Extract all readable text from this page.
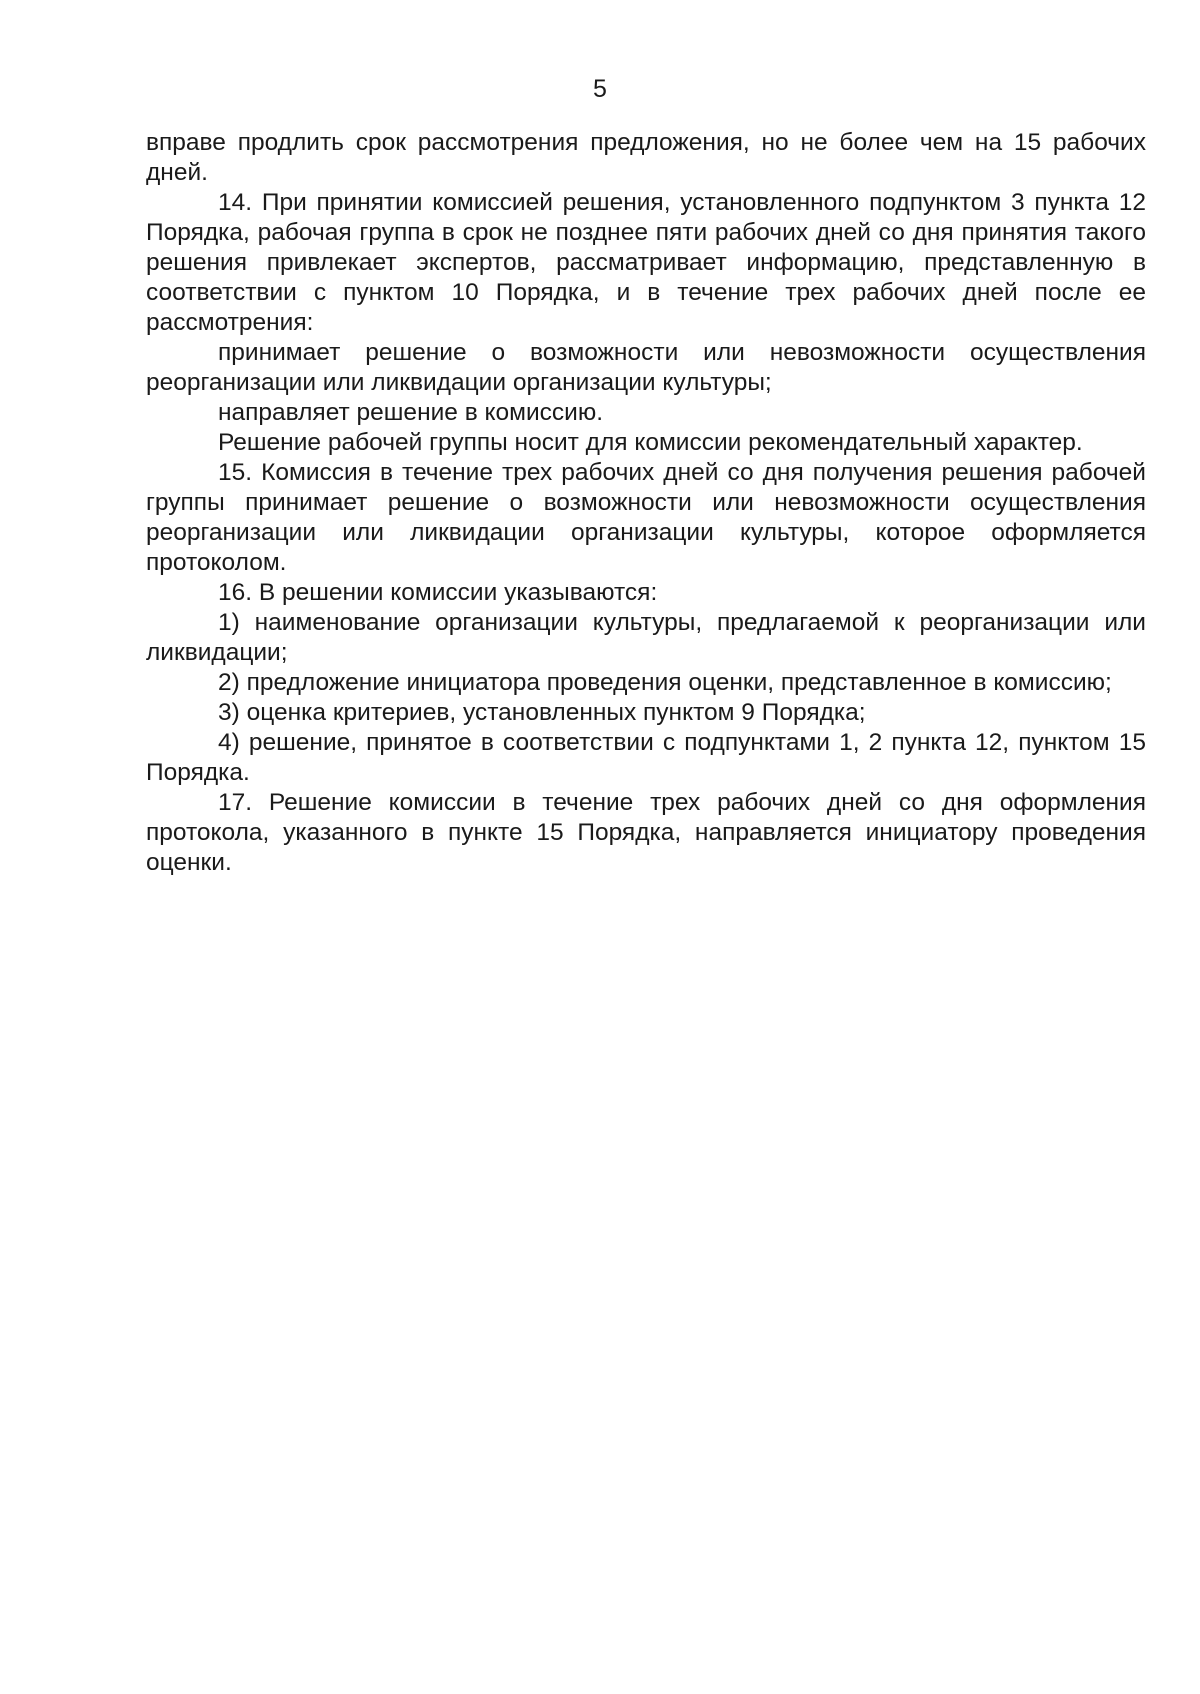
5

вправе продлить срок рассмотрения предложения, но не более чем на 15 рабочих дней.

14. При принятии комиссией решения, установленного подпунктом 3 пункта 12 Порядка, рабочая группа в срок не позднее пяти рабочих дней со дня принятия такого решения привлекает экспертов, рассматривает информацию, представленную в соответствии с пунктом 10 Порядка, и в течение трех рабочих дней после ее рассмотрения:

принимает решение о возможности или невозможности осуществления реорганизации или ликвидации организации культуры;

направляет решение в комиссию.

Решение рабочей группы носит для комиссии рекомендательный характер.

15. Комиссия в течение трех рабочих дней со дня получения решения рабочей группы принимает решение о возможности или невозможности осуществления реорганизации или ликвидации организации культуры, которое оформляется протоколом.

16. В решении комиссии указываются:

1) наименование организации культуры, предлагаемой к реорганизации или ликвидации;

2) предложение инициатора проведения оценки, представленное в комиссию;

3) оценка критериев, установленных пунктом 9 Порядка;

4) решение, принятое в соответствии с подпунктами 1, 2 пункта 12, пунктом 15 Порядка.

17. Решение комиссии в течение трех рабочих дней со дня оформления протокола, указанного в пункте 15 Порядка, направляется инициатору проведения оценки.
